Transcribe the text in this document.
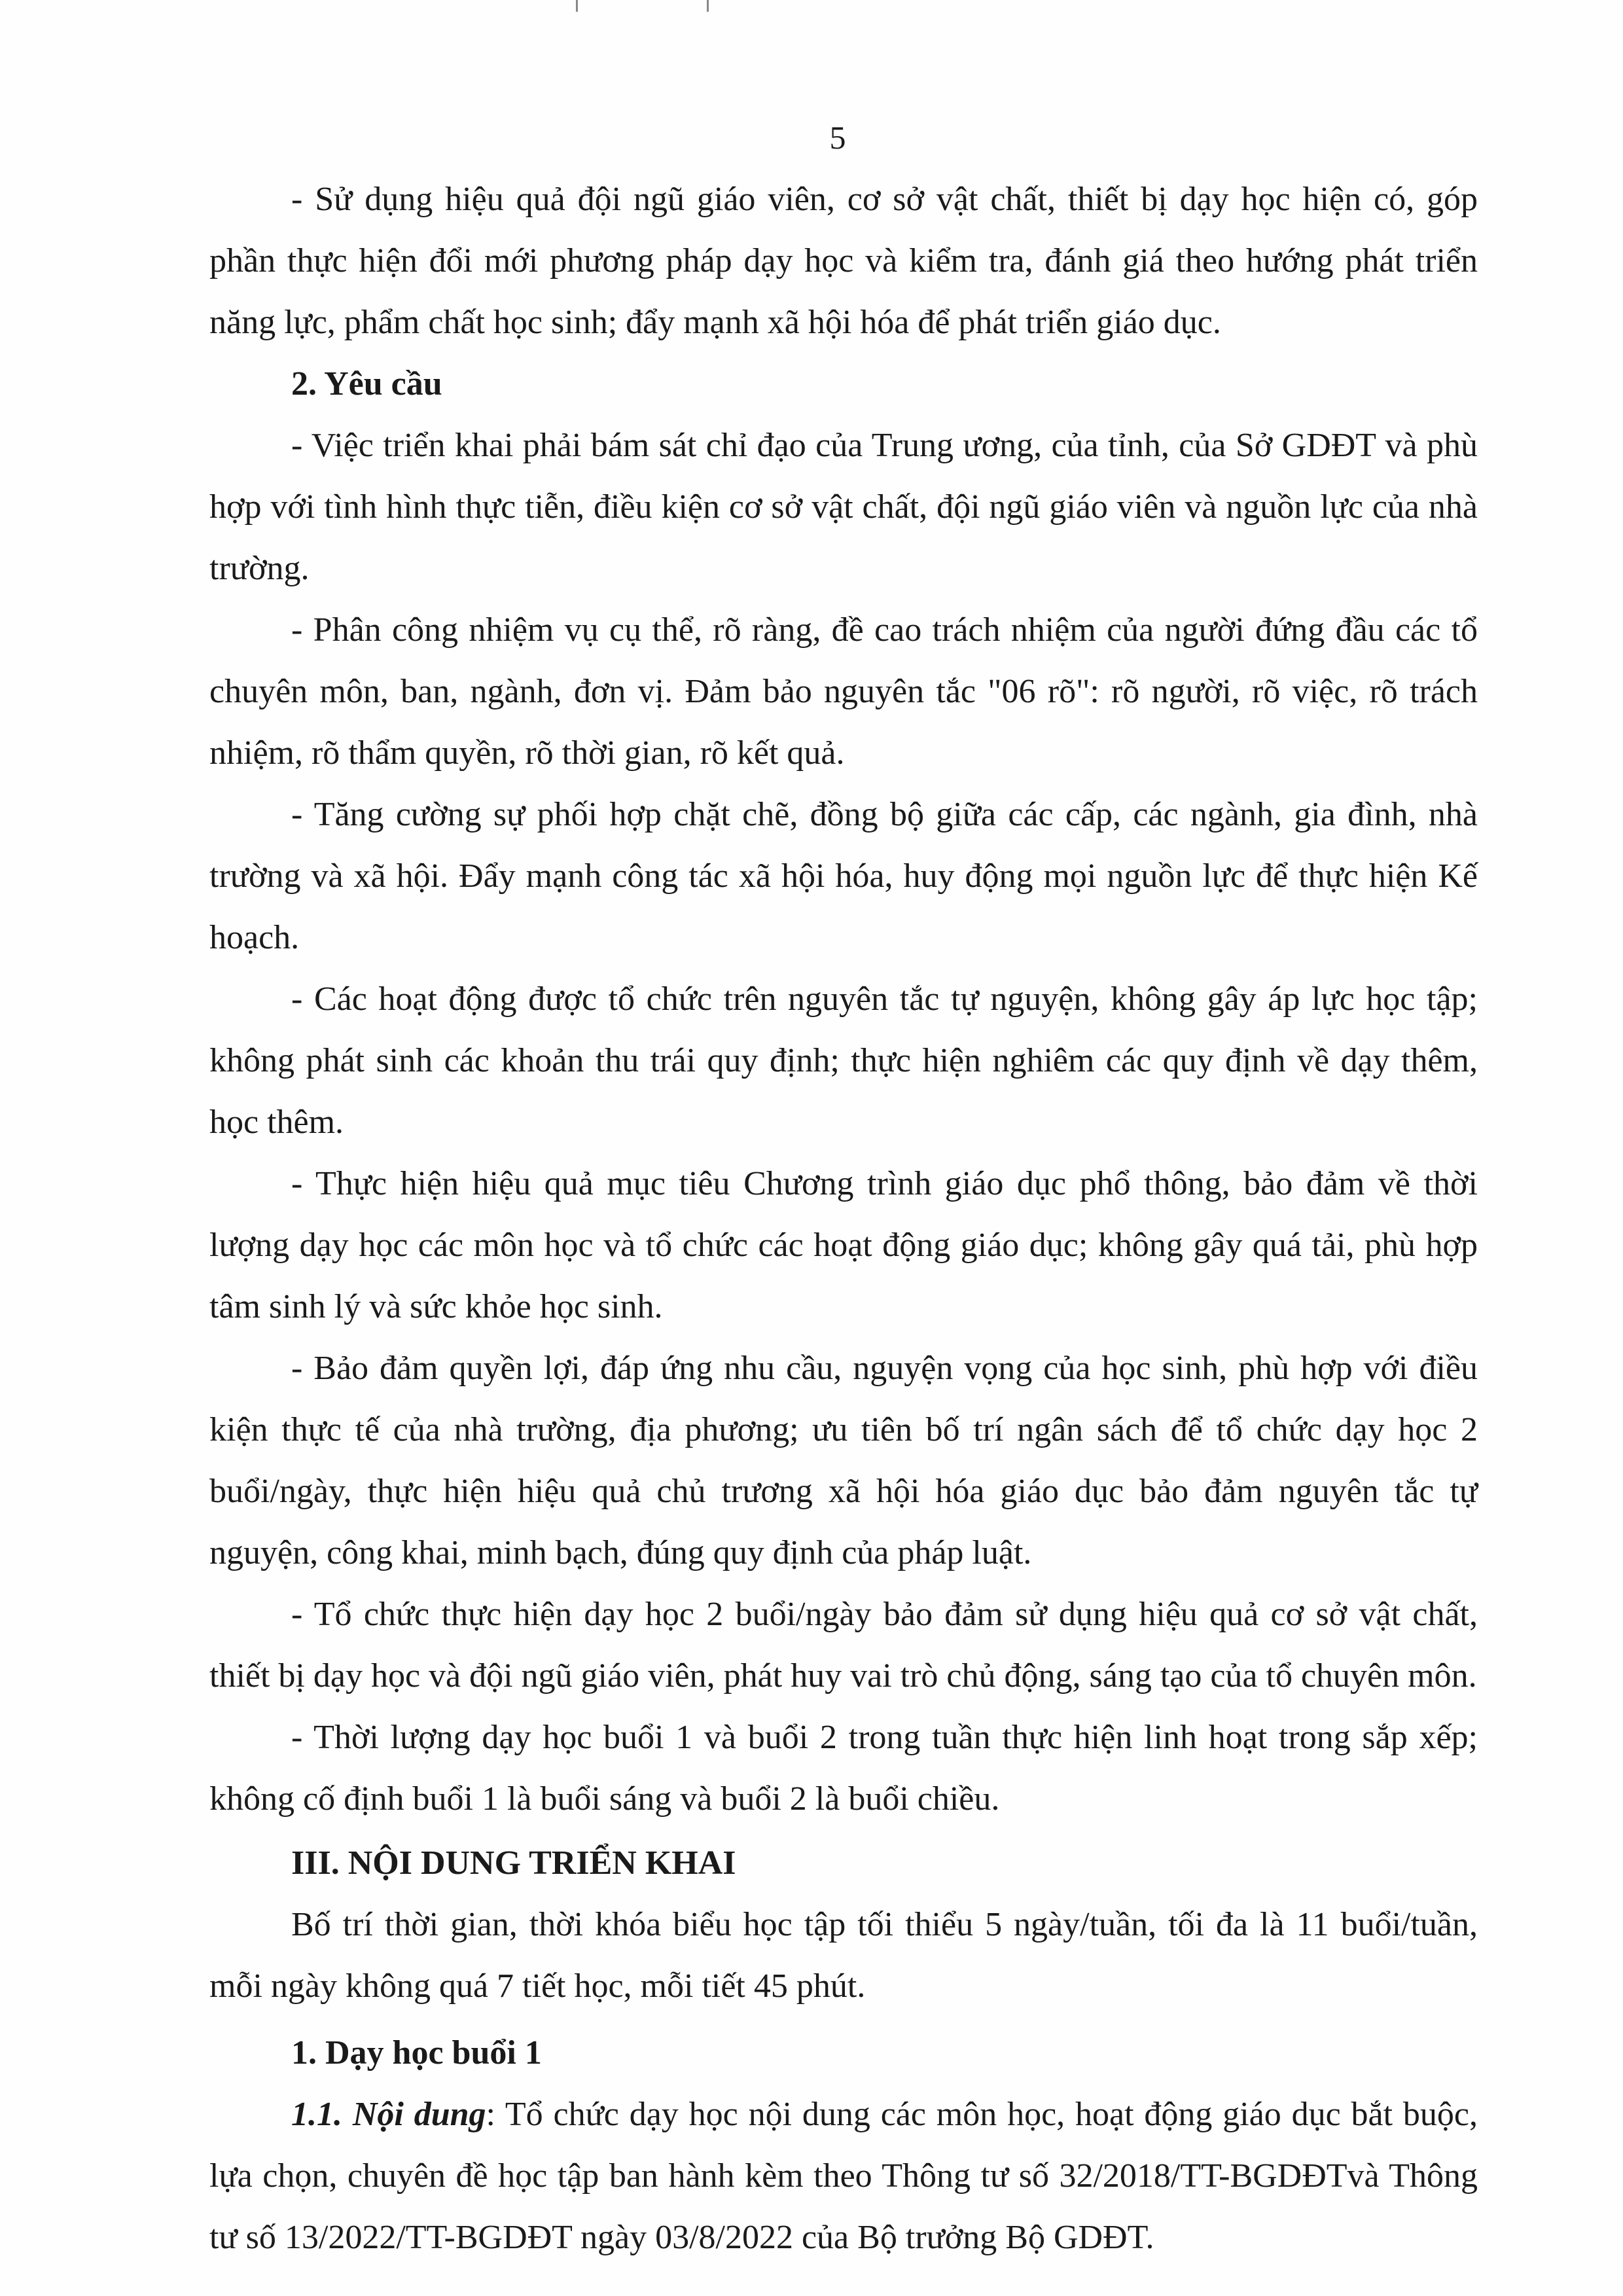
5

- Sử dụng hiệu quả đội ngũ giáo viên, cơ sở vật chất, thiết bị dạy học hiện có, góp phần thực hiện đổi mới phương pháp dạy học và kiểm tra, đánh giá theo hướng phát triển năng lực, phẩm chất học sinh; đẩy mạnh xã hội hóa để phát triển giáo dục.

2. Yêu cầu

- Việc triển khai phải bám sát chỉ đạo của Trung ương, của tỉnh, của Sở GDĐT và phù hợp với tình hình thực tiễn, điều kiện cơ sở vật chất, đội ngũ giáo viên và nguồn lực của nhà trường.

- Phân công nhiệm vụ cụ thể, rõ ràng, đề cao trách nhiệm của người đứng đầu các tổ chuyên môn, ban, ngành, đơn vị. Đảm bảo nguyên tắc "06 rõ": rõ người, rõ việc, rõ trách nhiệm, rõ thẩm quyền, rõ thời gian, rõ kết quả.

- Tăng cường sự phối hợp chặt chẽ, đồng bộ giữa các cấp, các ngành, gia đình, nhà trường và xã hội. Đẩy mạnh công tác xã hội hóa, huy động mọi nguồn lực để thực hiện Kế hoạch.

- Các hoạt động được tổ chức trên nguyên tắc tự nguyện, không gây áp lực học tập; không phát sinh các khoản thu trái quy định; thực hiện nghiêm các quy định về dạy thêm, học thêm.

- Thực hiện hiệu quả mục tiêu Chương trình giáo dục phổ thông, bảo đảm về thời lượng dạy học các môn học và tổ chức các hoạt động giáo dục; không gây quá tải, phù hợp tâm sinh lý và sức khỏe học sinh.

- Bảo đảm quyền lợi, đáp ứng nhu cầu, nguyện vọng của học sinh, phù hợp với điều kiện thực tế của nhà trường, địa phương; ưu tiên bố trí ngân sách để tổ chức dạy học 2 buổi/ngày, thực hiện hiệu quả chủ trương xã hội hóa giáo dục bảo đảm nguyên tắc tự nguyện, công khai, minh bạch, đúng quy định của pháp luật.

- Tổ chức thực hiện dạy học 2 buổi/ngày bảo đảm sử dụng hiệu quả cơ sở vật chất, thiết bị dạy học và đội ngũ giáo viên, phát huy vai trò chủ động, sáng tạo của tổ chuyên môn.

- Thời lượng dạy học buổi 1 và buổi 2 trong tuần thực hiện linh hoạt trong sắp xếp; không cố định buổi 1 là buổi sáng và buổi 2 là buổi chiều.

III. NỘI DUNG TRIỂN KHAI

Bố trí thời gian, thời khóa biểu học tập tối thiểu 5 ngày/tuần, tối đa là 11 buổi/tuần, mỗi ngày không quá 7 tiết học, mỗi tiết 45 phút.

1. Dạy học buổi 1

1.1. Nội dung: Tổ chức dạy học nội dung các môn học, hoạt động giáo dục bắt buộc, lựa chọn, chuyên đề học tập ban hành kèm theo Thông tư số 32/2018/TT-BGDĐTvà Thông tư số 13/2022/TT-BGDĐT ngày 03/8/2022 của Bộ trưởng Bộ GDĐT.
